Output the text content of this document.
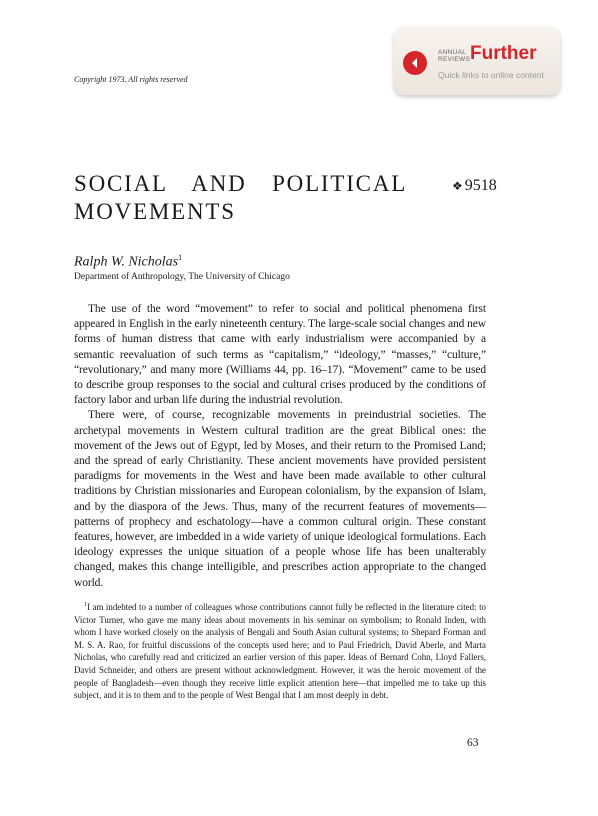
Copyright 1973. All rights reserved
ANNUAL
REVIEWS Further
Quick links to online content
SOCIAL AND POLITICAL
MOVEMENTS
❖ 9518
Ralph W. Nicholas$^1$
Department of Anthropology, The University of Chicago

The use of the word “movement” to refer to social and political phenomena first appeared in English in the early nineteenth century. The large-scale social changes and new forms of human distress that came with early industrialism were accompanied by a semantic reevaluation of such terms as “capitalism,” “ideology,” “masses,” “culture,” “revolutionary,” and many more (Williams 44, pp. 16–17). “Movement” came to be used to describe group responses to the social and cultural crises produced by the conditions of factory labor and urban life during the industrial revolution.

There were, of course, recognizable movements in preindustrial societies. The archetypal movements in Western cultural tradition are the great Biblical ones: the movement of the Jews out of Egypt, led by Moses, and their return to the Promised Land; and the spread of early Christianity. These ancient movements have provided persistent paradigms for movements in the West and have been made available to other cultural traditions by Christian missionaries and European colonialism, by the expansion of Islam, and by the diaspora of the Jews. Thus, many of the recurrent features of movements—patterns of prophecy and eschatology—have a common cultural origin. These constant features, however, are imbedded in a wide variety of unique ideological formulations. Each ideology expresses the unique situation of a people whose life has been unalterably changed, makes this change intelligible, and prescribes action appropriate to the changed world.

$^1$I am indebted to a number of colleagues whose contributions cannot fully be reflected in the literature cited: to Victor Turner, who gave me many ideas about movements in his seminar on symbolism; to Ronald Inden, with whom I have worked closely on the analysis of Bengali and South Asian cultural systems; to Shepard Forman and M. S. A. Rao, for fruitful discussions of the concepts used here; and to Paul Friedrich, David Aberle, and Marta Nicholas, who carefully read and criticized an earlier version of this paper. Ideas of Bernard Cohn, Lloyd Fallers, David Schneider, and others are present without acknowledgment. However, it was the heroic movement of the people of Bangladesh—even though they receive little explicit attention here—that impelled me to take up this subject, and it is to them and to the people of West Bengal that I am most deeply in debt.

63
